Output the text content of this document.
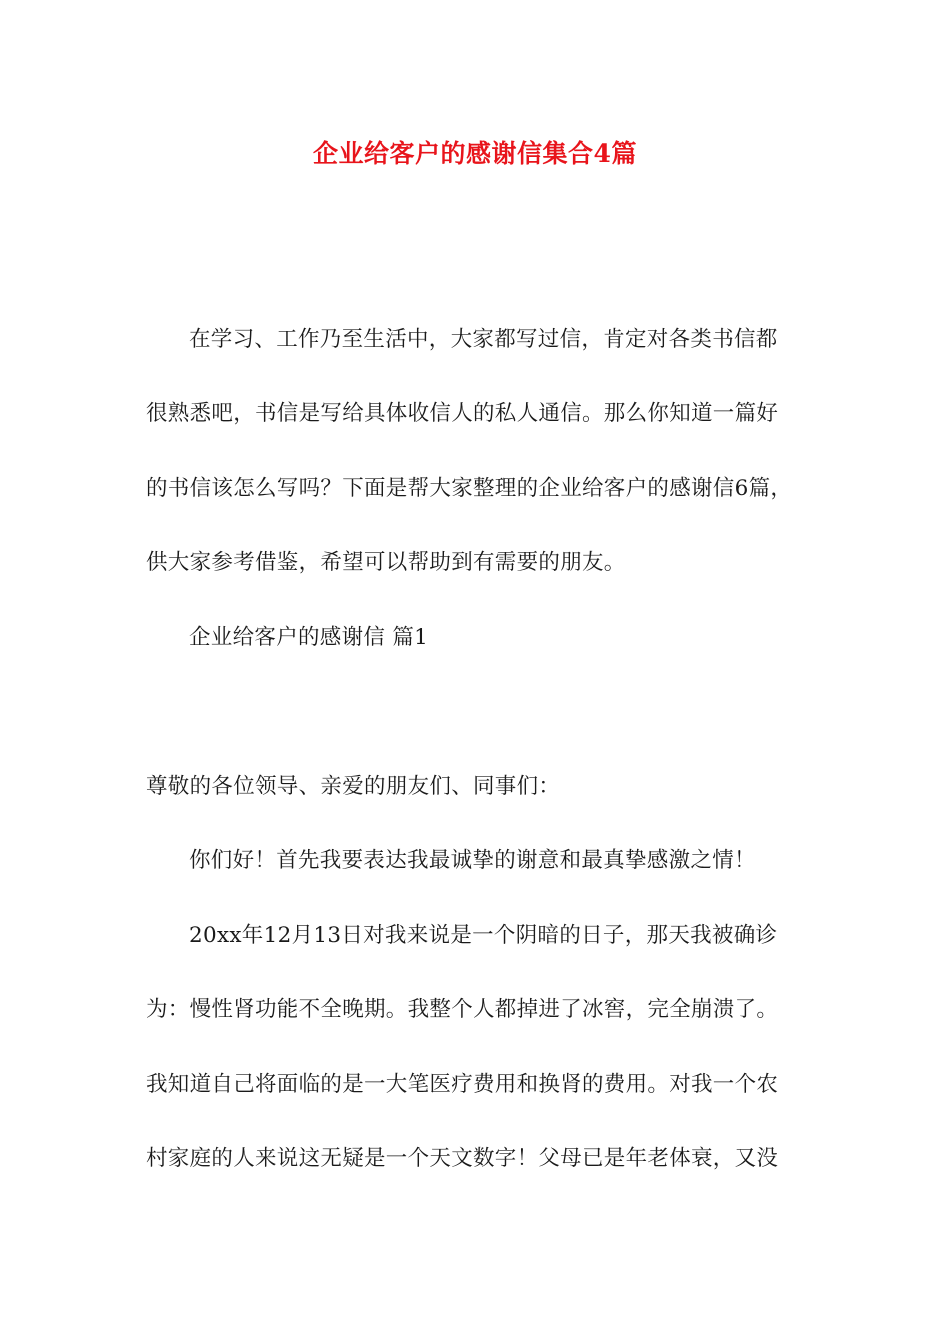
企业给客户的感谢信集合4篇
在学习、工作乃至生活中，大家都写过信，肯定对各类书信都
很熟悉吧，书信是写给具体收信人的私人通信。那么你知道一篇好
的书信该怎么写吗？下面是帮大家整理的企业给客户的感谢信6篇，
供大家参考借鉴，希望可以帮助到有需要的朋友。
企业给客户的感谢信 篇1
尊敬的各位领导、亲爱的朋友们、同事们：
你们好！首先我要表达我最诚挚的谢意和最真挚感激之情！
20xx年12月13日对我来说是一个阴暗的日子，那天我被确诊
为：慢性肾功能不全晚期。我整个人都掉进了冰窖，完全崩溃了。
我知道自己将面临的是一大笔医疗费用和换肾的费用。对我一个农
村家庭的人来说这无疑是一个天文数字！父母已是年老体衰，又没
